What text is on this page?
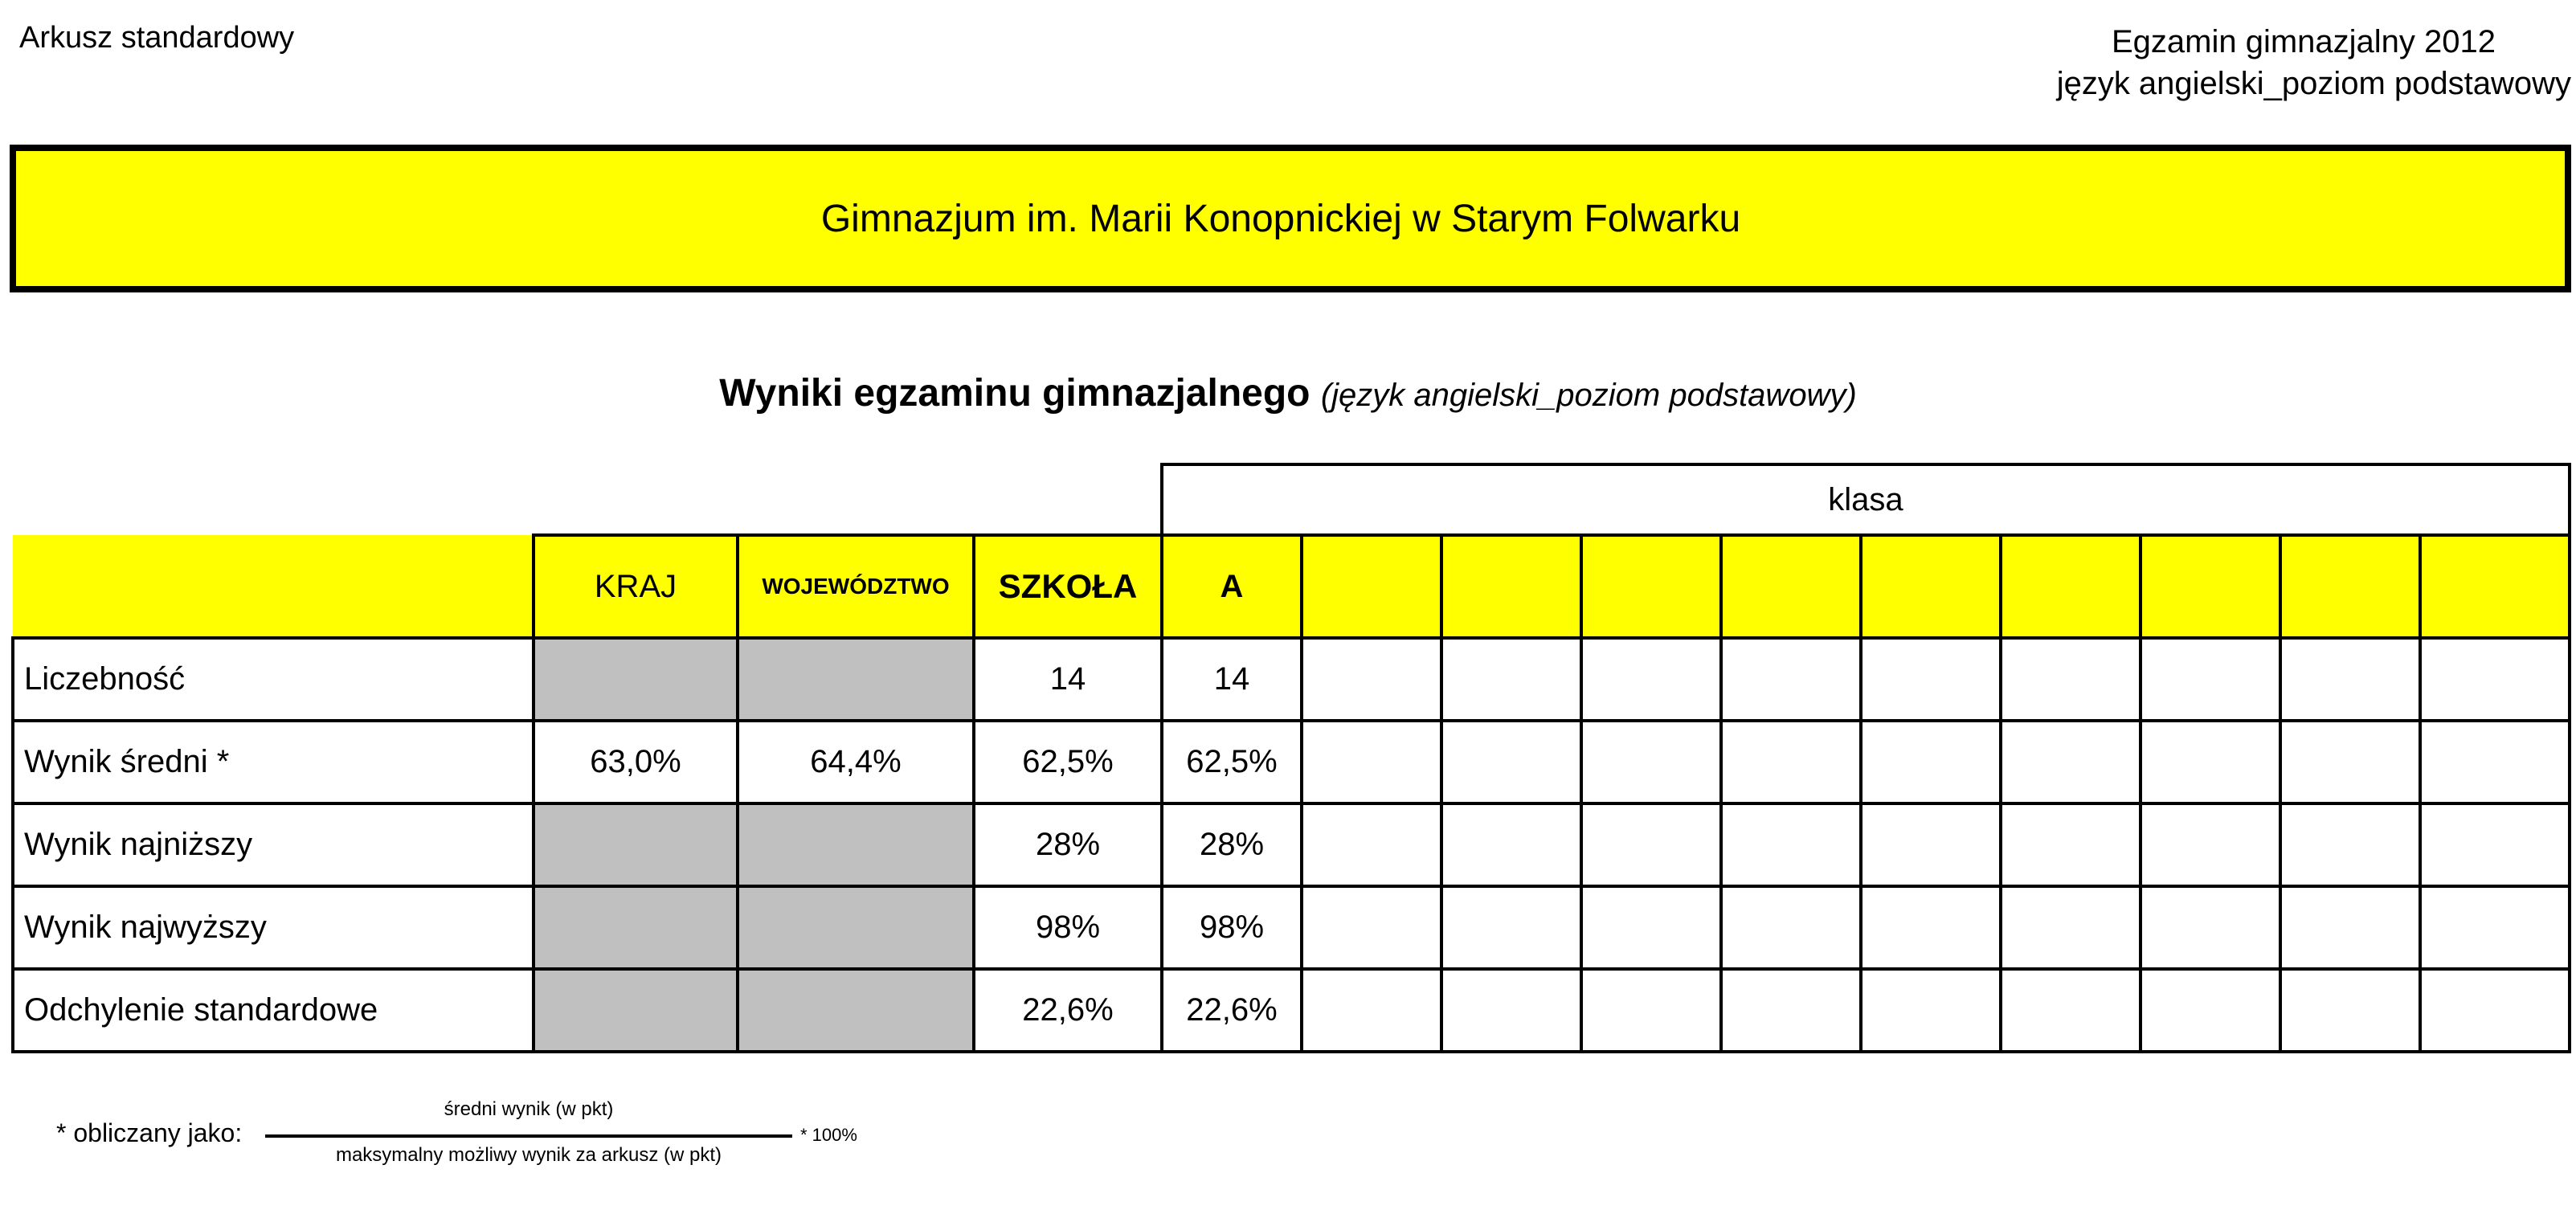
Arkusz standardowy	Egzamin gimnazjalny 2012
język angielski_poziom podstawowy
Gimnazjum im. Marii Konopnickiej w Starym Folwarku
Wyniki egzaminu gimnazjalnego (język angielski_poziom podstawowy)
				klasa									
	KRAJ	WOJEWÓDZTWO	SZKOŁA	A									
Liczebność			14	14									
Wynik średni *	63,0%	64,4%	62,5%	62,5%									
Wynik najniższy			28%	28%									
Wynik najwyższy			98%	98%									
Odchylenie standardowe			22,6%	22,6%									
* obliczany jako:
średni wynik (w pkt)
maksymalny możliwy wynik za arkusz (w pkt)
* 100%
